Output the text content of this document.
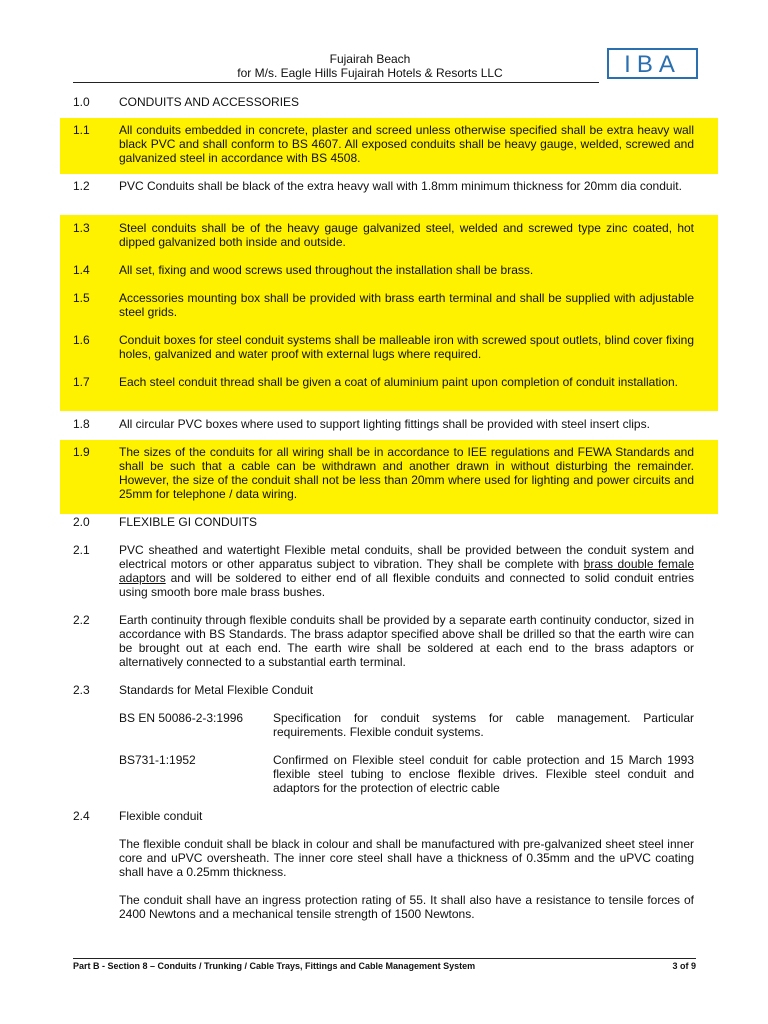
Fujairah Beach
for M/s. Eagle Hills Fujairah Hotels & Resorts LLC	IBA
1.0	CONDUITS AND ACCESSORIES
1.1	All conduits embedded in concrete, plaster and screed unless otherwise specified shall be extra heavy wall black PVC and shall conform to BS 4607. All exposed conduits shall be heavy gauge, welded, screwed and galvanized steel in accordance with BS 4508.
1.2	PVC Conduits shall be black of the extra heavy wall with 1.8mm minimum thickness for 20mm dia conduit.
1.3	Steel conduits shall be of the heavy gauge galvanized steel, welded and screwed type zinc coated, hot dipped galvanized both inside and outside.
1.4	All set, fixing and wood screws used throughout the installation shall be brass.
1.5	Accessories mounting box shall be provided with brass earth terminal and shall be supplied with adjustable steel grids.
1.6	Conduit boxes for steel conduit systems shall be malleable iron with screwed spout outlets, blind cover fixing holes, galvanized and water proof with external lugs where required.
1.7	Each steel conduit thread shall be given a coat of aluminium paint upon completion of conduit installation.
1.8	All circular PVC boxes where used to support lighting fittings shall be provided with steel insert clips.
1.9	The sizes of the conduits for all wiring shall be in accordance to IEE regulations and FEWA Standards and shall be such that a cable can be withdrawn and another drawn in without disturbing the remainder. However, the size of the conduit shall not be less than 20mm where used for lighting and power circuits and 25mm for telephone / data wiring.
2.0	FLEXIBLE GI CONDUITS
2.1	PVC sheathed and watertight Flexible metal conduits, shall be provided between the conduit system and electrical motors or other apparatus subject to vibration. They shall be complete with brass double female adaptors and will be soldered to either end of all flexible conduits and connected to solid conduit entries using smooth bore male brass bushes.
2.2	Earth continuity through flexible conduits shall be provided by a separate earth continuity conductor, sized in accordance with BS Standards. The brass adaptor specified above shall be drilled so that the earth wire can be brought out at each end. The earth wire shall be soldered at each end to the brass adaptors or alternatively connected to a substantial earth terminal.
2.3	Standards for Metal Flexible Conduit
BS EN 50086-2-3:1996	Specification for conduit systems for cable management. Particular requirements. Flexible conduit systems.
BS731-1:1952	Confirmed on Flexible steel conduit for cable protection and 15 March 1993 flexible steel tubing to enclose flexible drives. Flexible steel conduit and adaptors for the protection of electric cable
2.4	Flexible conduit
The flexible conduit shall be black in colour and shall be manufactured with pre-galvanized sheet steel inner core and uPVC oversheath. The inner core steel shall have a thickness of 0.35mm and the uPVC coating shall have a 0.25mm thickness.
The conduit shall have an ingress protection rating of 55. It shall also have a resistance to tensile forces of 2400 Newtons and a mechanical tensile strength of 1500 Newtons.
Part B - Section 8 – Conduits / Trunking / Cable Trays, Fittings and Cable Management System	3 of 9
